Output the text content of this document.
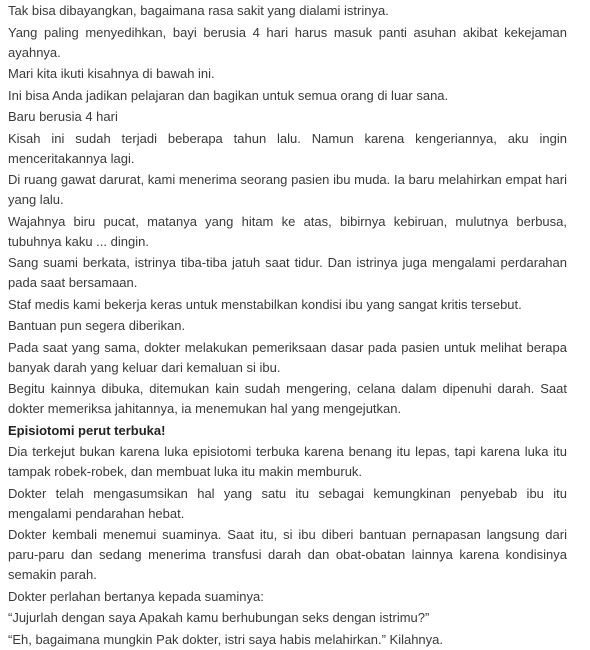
Tak bisa dibayangkan, bagaimana rasa sakit yang dialami istrinya.

Yang paling menyedihkan, bayi berusia 4 hari harus masuk panti asuhan akibat kekejaman ayahnya.

Mari kita ikuti kisahnya di bawah ini.

Ini bisa Anda jadikan pelajaran dan bagikan untuk semua orang di luar sana.

Baru berusia 4 hari

Kisah ini sudah terjadi beberapa tahun lalu. Namun karena kengeriannya, aku ingin menceritakannya lagi.

Di ruang gawat darurat, kami menerima seorang pasien ibu muda. Ia baru melahirkan empat hari yang lalu.

Wajahnya biru pucat, matanya yang hitam ke atas, bibirnya kebiruan, mulutnya berbusa, tubuhnya kaku ... dingin.

Sang suami berkata, istrinya tiba-tiba jatuh saat tidur. Dan istrinya juga mengalami perdarahan pada saat bersamaan.

Staf medis kami bekerja keras untuk menstabilkan kondisi ibu yang sangat kritis tersebut.

Bantuan pun segera diberikan.

Pada saat yang sama, dokter melakukan pemeriksaan dasar pada pasien untuk melihat berapa banyak darah yang keluar dari kemaluan si ibu.

Begitu kainnya dibuka, ditemukan kain sudah mengering, celana dalam dipenuhi darah. Saat dokter memeriksa jahitannya, ia menemukan hal yang mengejutkan.

Episiotomi perut terbuka!

Dia terkejut bukan karena luka episiotomi terbuka karena benang itu lepas, tapi karena luka itu tampak robek-robek, dan membuat luka itu makin memburuk.

Dokter telah mengasumsikan hal yang satu itu sebagai kemungkinan penyebab ibu itu mengalami pendarahan hebat.

Dokter kembali menemui suaminya. Saat itu, si ibu diberi bantuan pernapasan langsung dari paru-paru dan sedang menerima transfusi darah dan obat-obatan lainnya karena kondisinya semakin parah.

Dokter perlahan bertanya kepada suaminya:

“Jujurlah dengan saya Apakah kamu berhubungan seks dengan istrimu?”

“Eh, bagaimana mungkin Pak dokter, istri saya habis melahirkan.” Kilahnya.
